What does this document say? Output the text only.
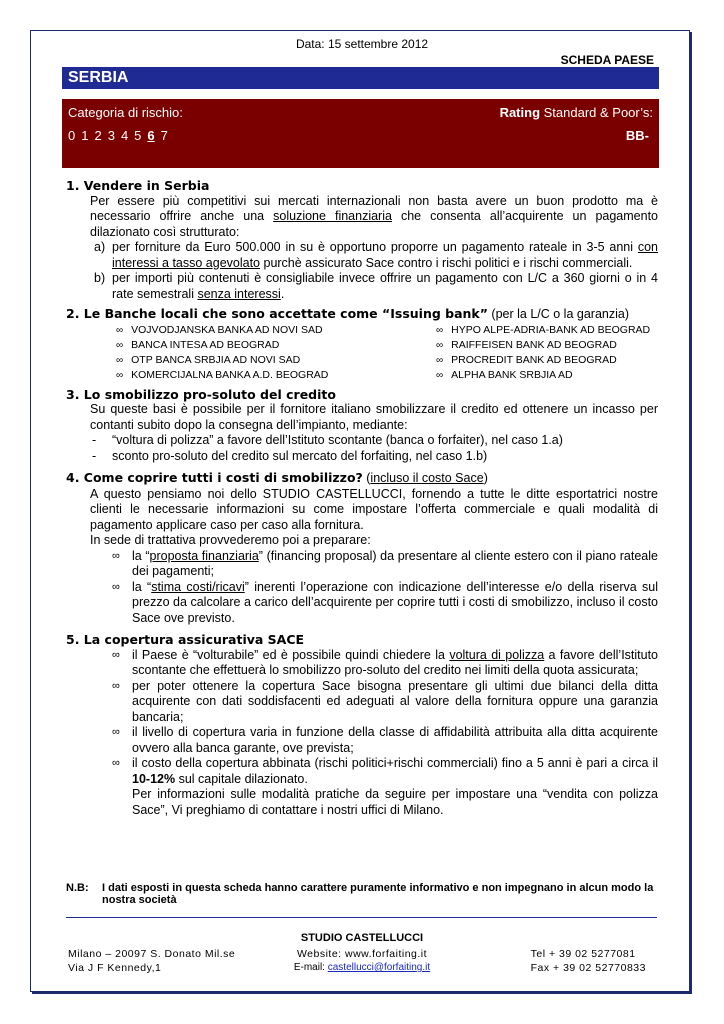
Data: 15 settembre 2012
SCHEDA PAESE
SERBIA
Categoria di rischio:	Rating Standard & Poor’s:
0 1 2 3 4 5 6 7	BB-
1. Vendere in Serbia

Per essere più competitivi sui mercati internazionali non basta avere un buon prodotto ma è necessario offrire anche una soluzione finanziaria che consenta all’acquirente un pagamento dilazionato così strutturato:

a) per forniture da Euro 500.000 in su è opportuno proporre un pagamento rateale in 3-5 anni con interessi a tasso agevolato purchè assicurato Sace contro i rischi politici e i rischi commerciali.
b) per importi più contenuti è consigliabile invece offrire un pagamento con L/C a 360 giorni o in 4 rate semestrali senza interessi.
2. Le Banche locali che sono accettate come “Issuing bank” (per la L/C o la garanzia)
∞ VOJVODJANSKA BANKA AD NOVI SAD	∞ HYPO ALPE-ADRIA-BANK AD BEOGRAD
∞ BANCA INTESA AD BEOGRAD	∞ RAIFFEISEN BANK AD BEOGRAD
∞ OTP BANCA SRBJIA AD NOVI SAD	∞ PROCREDIT BANK AD BEOGRAD
∞ KOMERCIJALNA BANKA A.D. BEOGRAD	∞ ALPHA BANK SRBJIA AD
3. Lo smobilizzo pro-soluto del credito

Su queste basi è possibile per il fornitore italiano smobilizzare il credito ed ottenere un incasso per contanti subito dopo la consegna dell’impianto, mediante:

-	“voltura di polizza” a favore dell’Istituto scontante (banca o forfaiter), nel caso 1.a)
-	sconto pro-soluto del credito sul mercato del forfaiting, nel caso 1.b)
4. Come coprire tutti i costi di smobilizzo? (incluso il costo Sace)

A questo pensiamo noi dello STUDIO CASTELLUCCI, fornendo a tutte le ditte esportatrici nostre clienti le necessarie informazioni su come impostare l’offerta commerciale e quali modalità di pagamento applicare caso per caso alla fornitura.

In sede di trattativa provvederemo poi a preparare:

∞ la “proposta finanziaria” (financing proposal) da presentare al cliente estero con il piano rateale dei pagamenti;
∞ la “stima costi/ricavi” inerenti l’operazione con indicazione dell’interesse e/o della riserva sul prezzo da calcolare a carico dell’acquirente per coprire tutti i costi di smobilizzo, incluso il costo Sace ove previsto.
5. La copertura assicurativa SACE
∞ il Paese è “volturabile” ed è possibile quindi chiedere la voltura di polizza a favore dell’Istituto scontante che effettuerà lo smobilizzo pro-soluto del credito nei limiti della quota assicurata;
∞ per poter ottenere la copertura Sace bisogna presentare gli ultimi due bilanci della ditta acquirente con dati soddisfacenti ed adeguati al valore della fornitura oppure una garanzia bancaria;
∞ il livello di copertura varia in funzione della classe di affidabilità attribuita alla ditta acquirente ovvero alla banca garante, ove prevista;
∞ il costo della copertura abbinata (rischi politici+rischi commerciali) fino a 5 anni è pari a circa il 10-12% sul capitale dilazionato.
Per informazioni sulle modalità pratiche da seguire per impostare una “vendita con polizza Sace”, Vi preghiamo di contattare i nostri uffici di Milano.
N.B:	I dati esposti in questa scheda hanno carattere puramente informativo e non impegnano in alcun modo la nostra società
STUDIO CASTELLUCCI
Milano – 20097 S. Donato Mil.se
Via J F Kennedy,1
Website: www.forfaiting.it
E-mail: castellucci@forfaiting.it
Tel + 39 02 5277081
Fax + 39 02 52770833
